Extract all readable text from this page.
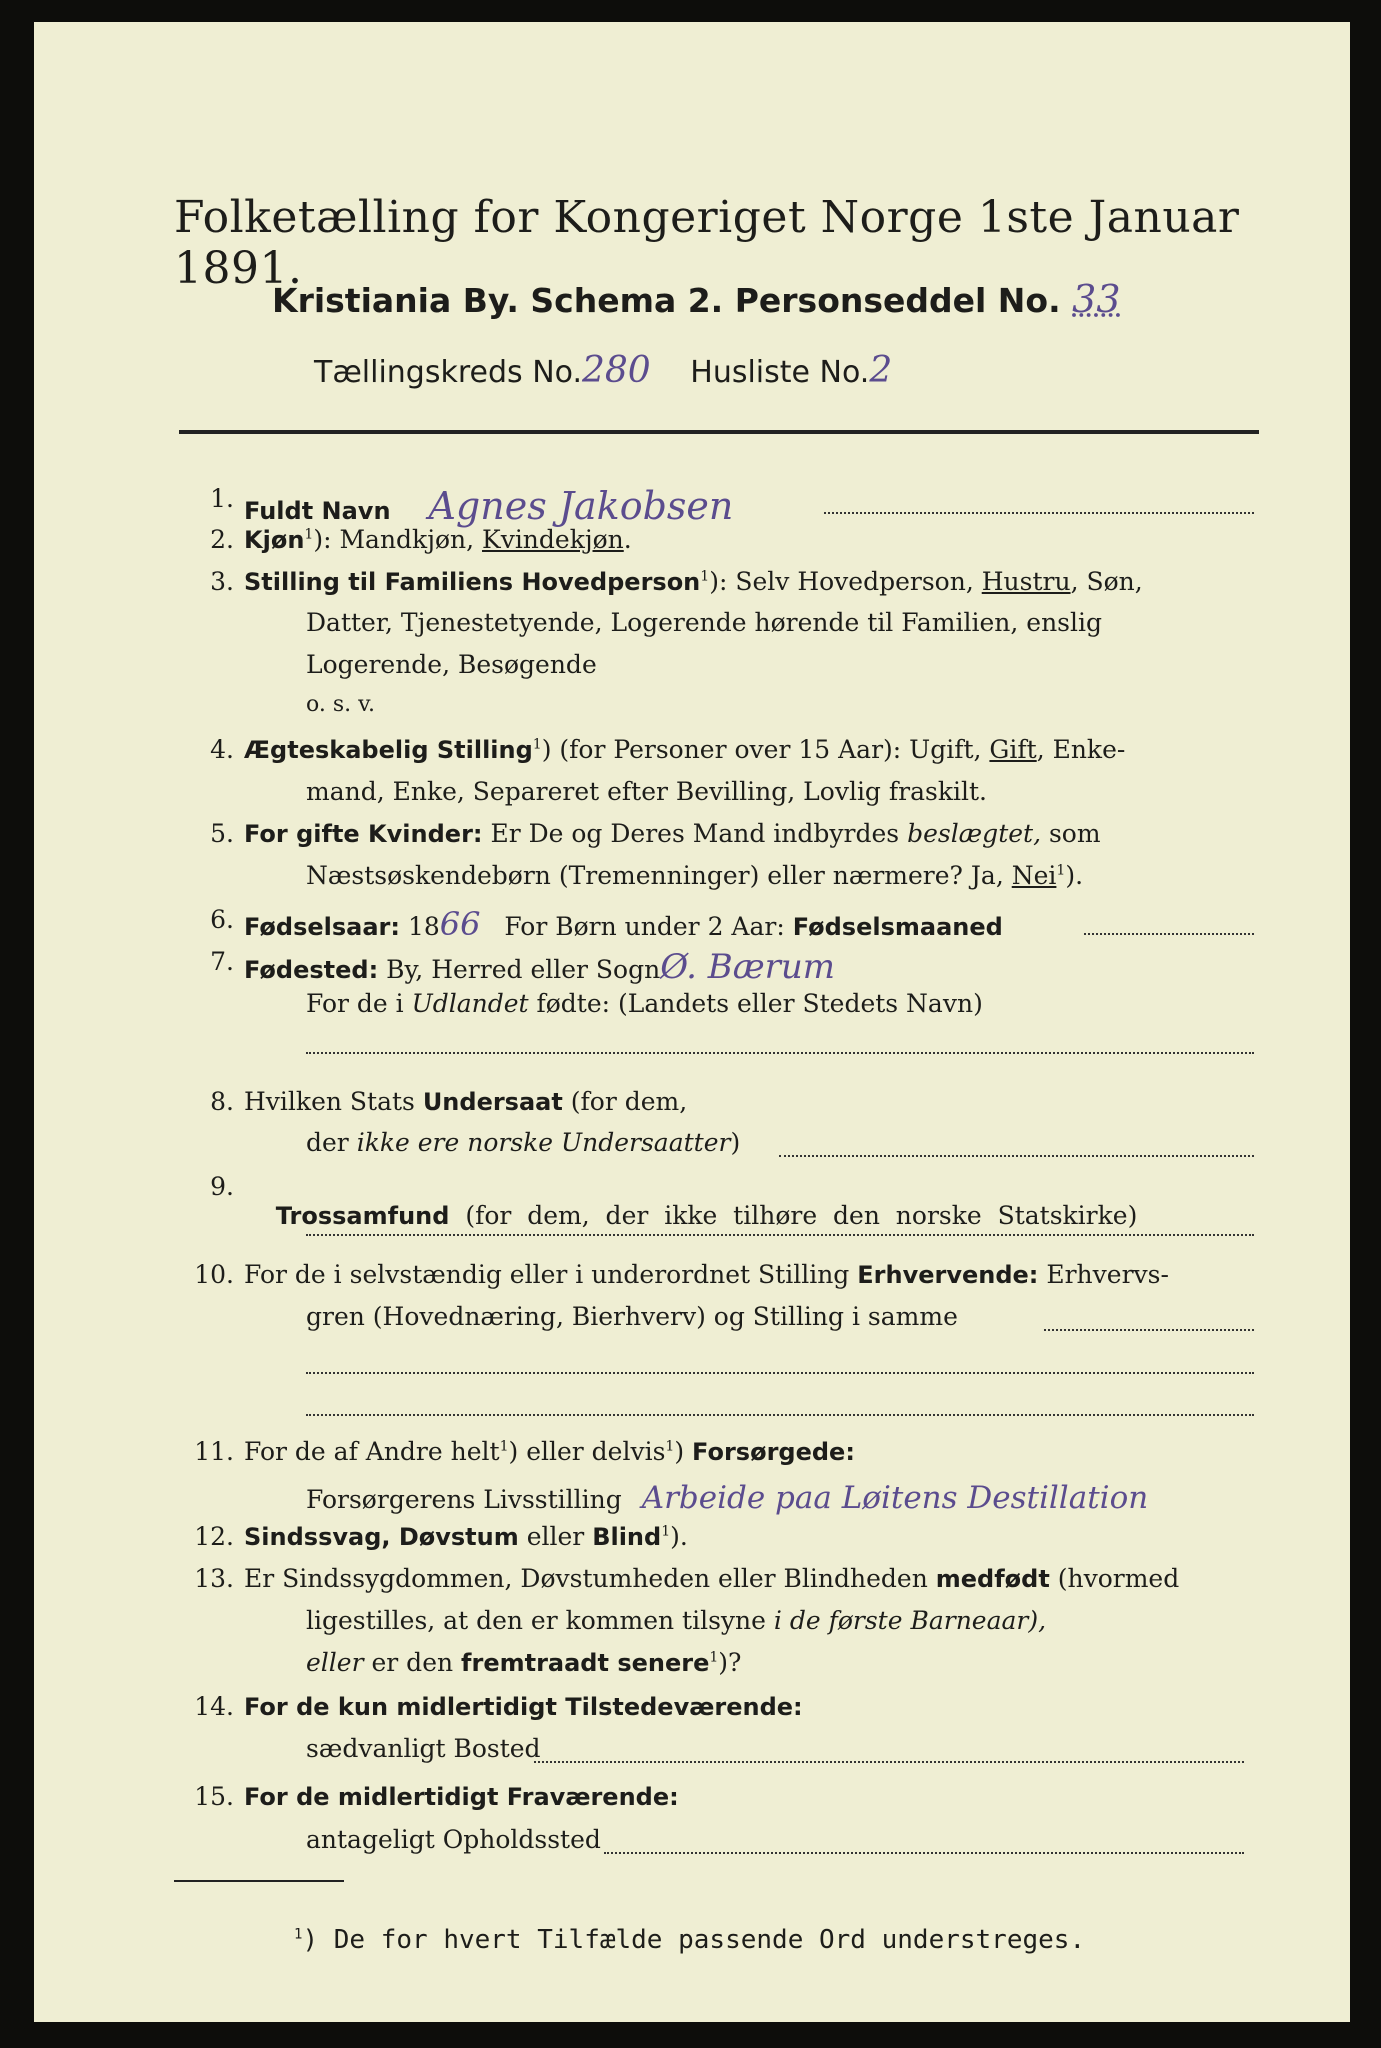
Folketælling for Kongeriget Norge 1ste Januar 1891.
Kristiania By. Schema 2. Personseddel No. 33
Tællingskreds No.280 Husliste No.2
1. Fuldt Navn Agnes Jakobsen
2. Kjøn$^1$): Mandkjøn, Kvindekjøn.
3. Stilling til Familiens Hovedperson$^1$): Selv Hovedperson, Hustru, Søn,
Datter, Tjenestetyende, Logerende hørende til Familien, enslig
Logerende, Besøgende
o. s. v.
4. Ægteskabelig Stilling$^1$) (for Personer over 15 Aar): Ugift, Gift, Enke-
mand, Enke, Separeret efter Bevilling, Lovlig fraskilt.
5. For gifte Kvinder: Er De og Deres Mand indbyrdes beslægtet, som
Næstsøskendebørn (Tremenninger) eller nærmere? Ja, Nei$^1$).
6. Fødselsaar: 1866   For Børn under 2 Aar: Fødselsmaaned
7. Fødested: By, Herred eller SognØ. Bærum
For de i Udlandet fødte: (Landets eller Stedets Navn)
8. Hvilken Stats Undersaat (for dem,
der ikke ere norske Undersaatter)
9.

Trossamfund  (for  dem,  der  ikke  tilhøre  den  norske  Statskirke)

10. For de i selvstændig eller i underordnet Stilling Erhvervende: Erhvervs-
gren (Hovednæring, Bierhverv) og Stilling i samme
11. For de af Andre helt$^1$) eller delvis$^1$) Forsørgede:
Forsørgerens Livsstilling Arbeide paa Løitens Destillation
12. Sindssvag, Døvstum eller Blind$^1$).
13. Er Sindssygdommen, Døvstumheden eller Blindheden medfødt (hvormed
ligestilles, at den er kommen tilsyne i de første Barneaar),
eller er den fremtraadt senere$^1$)?
14. For de kun midlertidigt Tilstedeværende:
sædvanligt Bosted
15. For de midlertidigt Fraværende:
antageligt Opholdssted
$^1$) De for hvert Tilfælde passende Ord understreges.
